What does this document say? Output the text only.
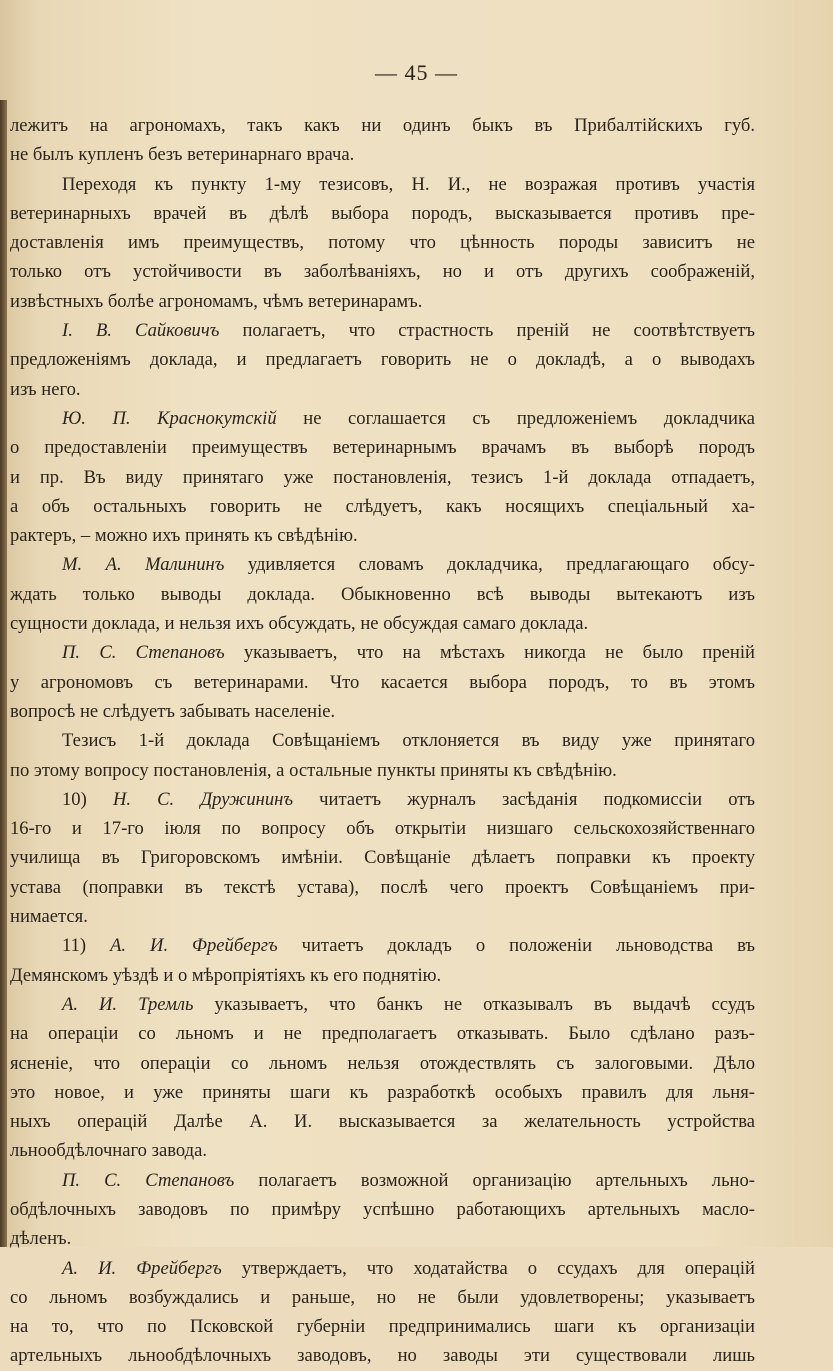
— 45 —
лежитъ на агрономахъ, такъ какъ ни одинъ быкъ въ Прибалтійскихъ губ.
не былъ купленъ безъ ветеринарнаго врача.
Переходя къ пункту 1-му тезисовъ, Н. И., не возражая противъ участія
ветеринарныхъ врачей въ дѣлѣ выбора породъ, высказывается противъ пре-
доставленія имъ преимуществъ, потому что цѣнность породы зависитъ не
только отъ устойчивости въ заболѣваніяхъ, но и отъ другихъ соображеній,
извѣстныхъ болѣе агрономамъ, чѣмъ ветеринарамъ.
I. В. Сайковичъ полагаетъ, что страстность преній не соотвѣтствуетъ
предложеніямъ доклада, и предлагаетъ говорить не о докладѣ, а о выводахъ
изъ него.
Ю. П. Краснокутскій не соглашается съ предложеніемъ докладчика
о предоставленіи преимуществъ ветеринарнымъ врачамъ въ выборѣ породъ
и пр. Въ виду принятаго уже постановленія, тезисъ 1-й доклада отпадаетъ,
а объ остальныхъ говорить не слѣдуетъ, какъ носящихъ спеціальный ха-
рактеръ, – можно ихъ принять къ свѣдѣнію.
М. А. Малининъ удивляется словамъ докладчика, предлагающаго обсу-
ждать только выводы доклада. Обыкновенно всѣ выводы вытекаютъ изъ
сущности доклада, и нельзя ихъ обсуждать, не обсуждая самаго доклада.
П. С. Степановъ указываетъ, что на мѣстахъ никогда не было преній
у агрономовъ съ ветеринарами. Что касается выбора породъ, то въ этомъ
вопросѣ не слѣдуетъ забывать населеніе.
Тезисъ 1-й доклада Совѣщаніемъ отклоняется въ виду уже принятаго
по этому вопросу постановленія, а остальные пункты приняты къ свѣдѣнію.
10) Н. С. Дружининъ читаетъ журналъ засѣданія подкомиссіи отъ
16-го и 17-го іюля по вопросу объ открытіи низшаго сельскохозяйственнаго
училища въ Григоровскомъ имѣніи. Совѣщаніе дѣлаетъ поправки къ проекту
устава (поправки въ текстѣ устава), послѣ чего проектъ Совѣщаніемъ при-
нимается.
11) А. И. Фрейбергъ читаетъ докладъ о положеніи льноводства въ
Демянскомъ уѣздѣ и о мѣропріятіяхъ къ его поднятію.
А. И. Тремль указываетъ, что банкъ не отказывалъ въ выдачѣ ссудъ
на операціи со льномъ и не предполагаетъ отказывать. Было сдѣлано разъ-
ясненіе, что операціи со льномъ нельзя отождествлять съ залоговыми. Дѣло
это новое, и уже приняты шаги къ разработкѣ особыхъ правилъ для льня-
ныхъ операцій Далѣе А. И. высказывается за желательность устройства
льноoбдѣлочнаго завода.
П. С. Степановъ полагаетъ возможной организацію артельныхъ льно-
обдѣлочныхъ заводовъ по примѣру успѣшно работающихъ артельныхъ масло-
дѣленъ.
А. И. Фрейбергъ утверждаетъ, что ходатайства о ссудахъ для операцій
со льномъ возбуждались и раньше, но не были удовлетворены; указываетъ
на то, что по Псковской губерніи предпринимались шаги къ организаціи
артельныхъ льнообдѣлочныхъ заводовъ, но заводы эти существовали лишь
